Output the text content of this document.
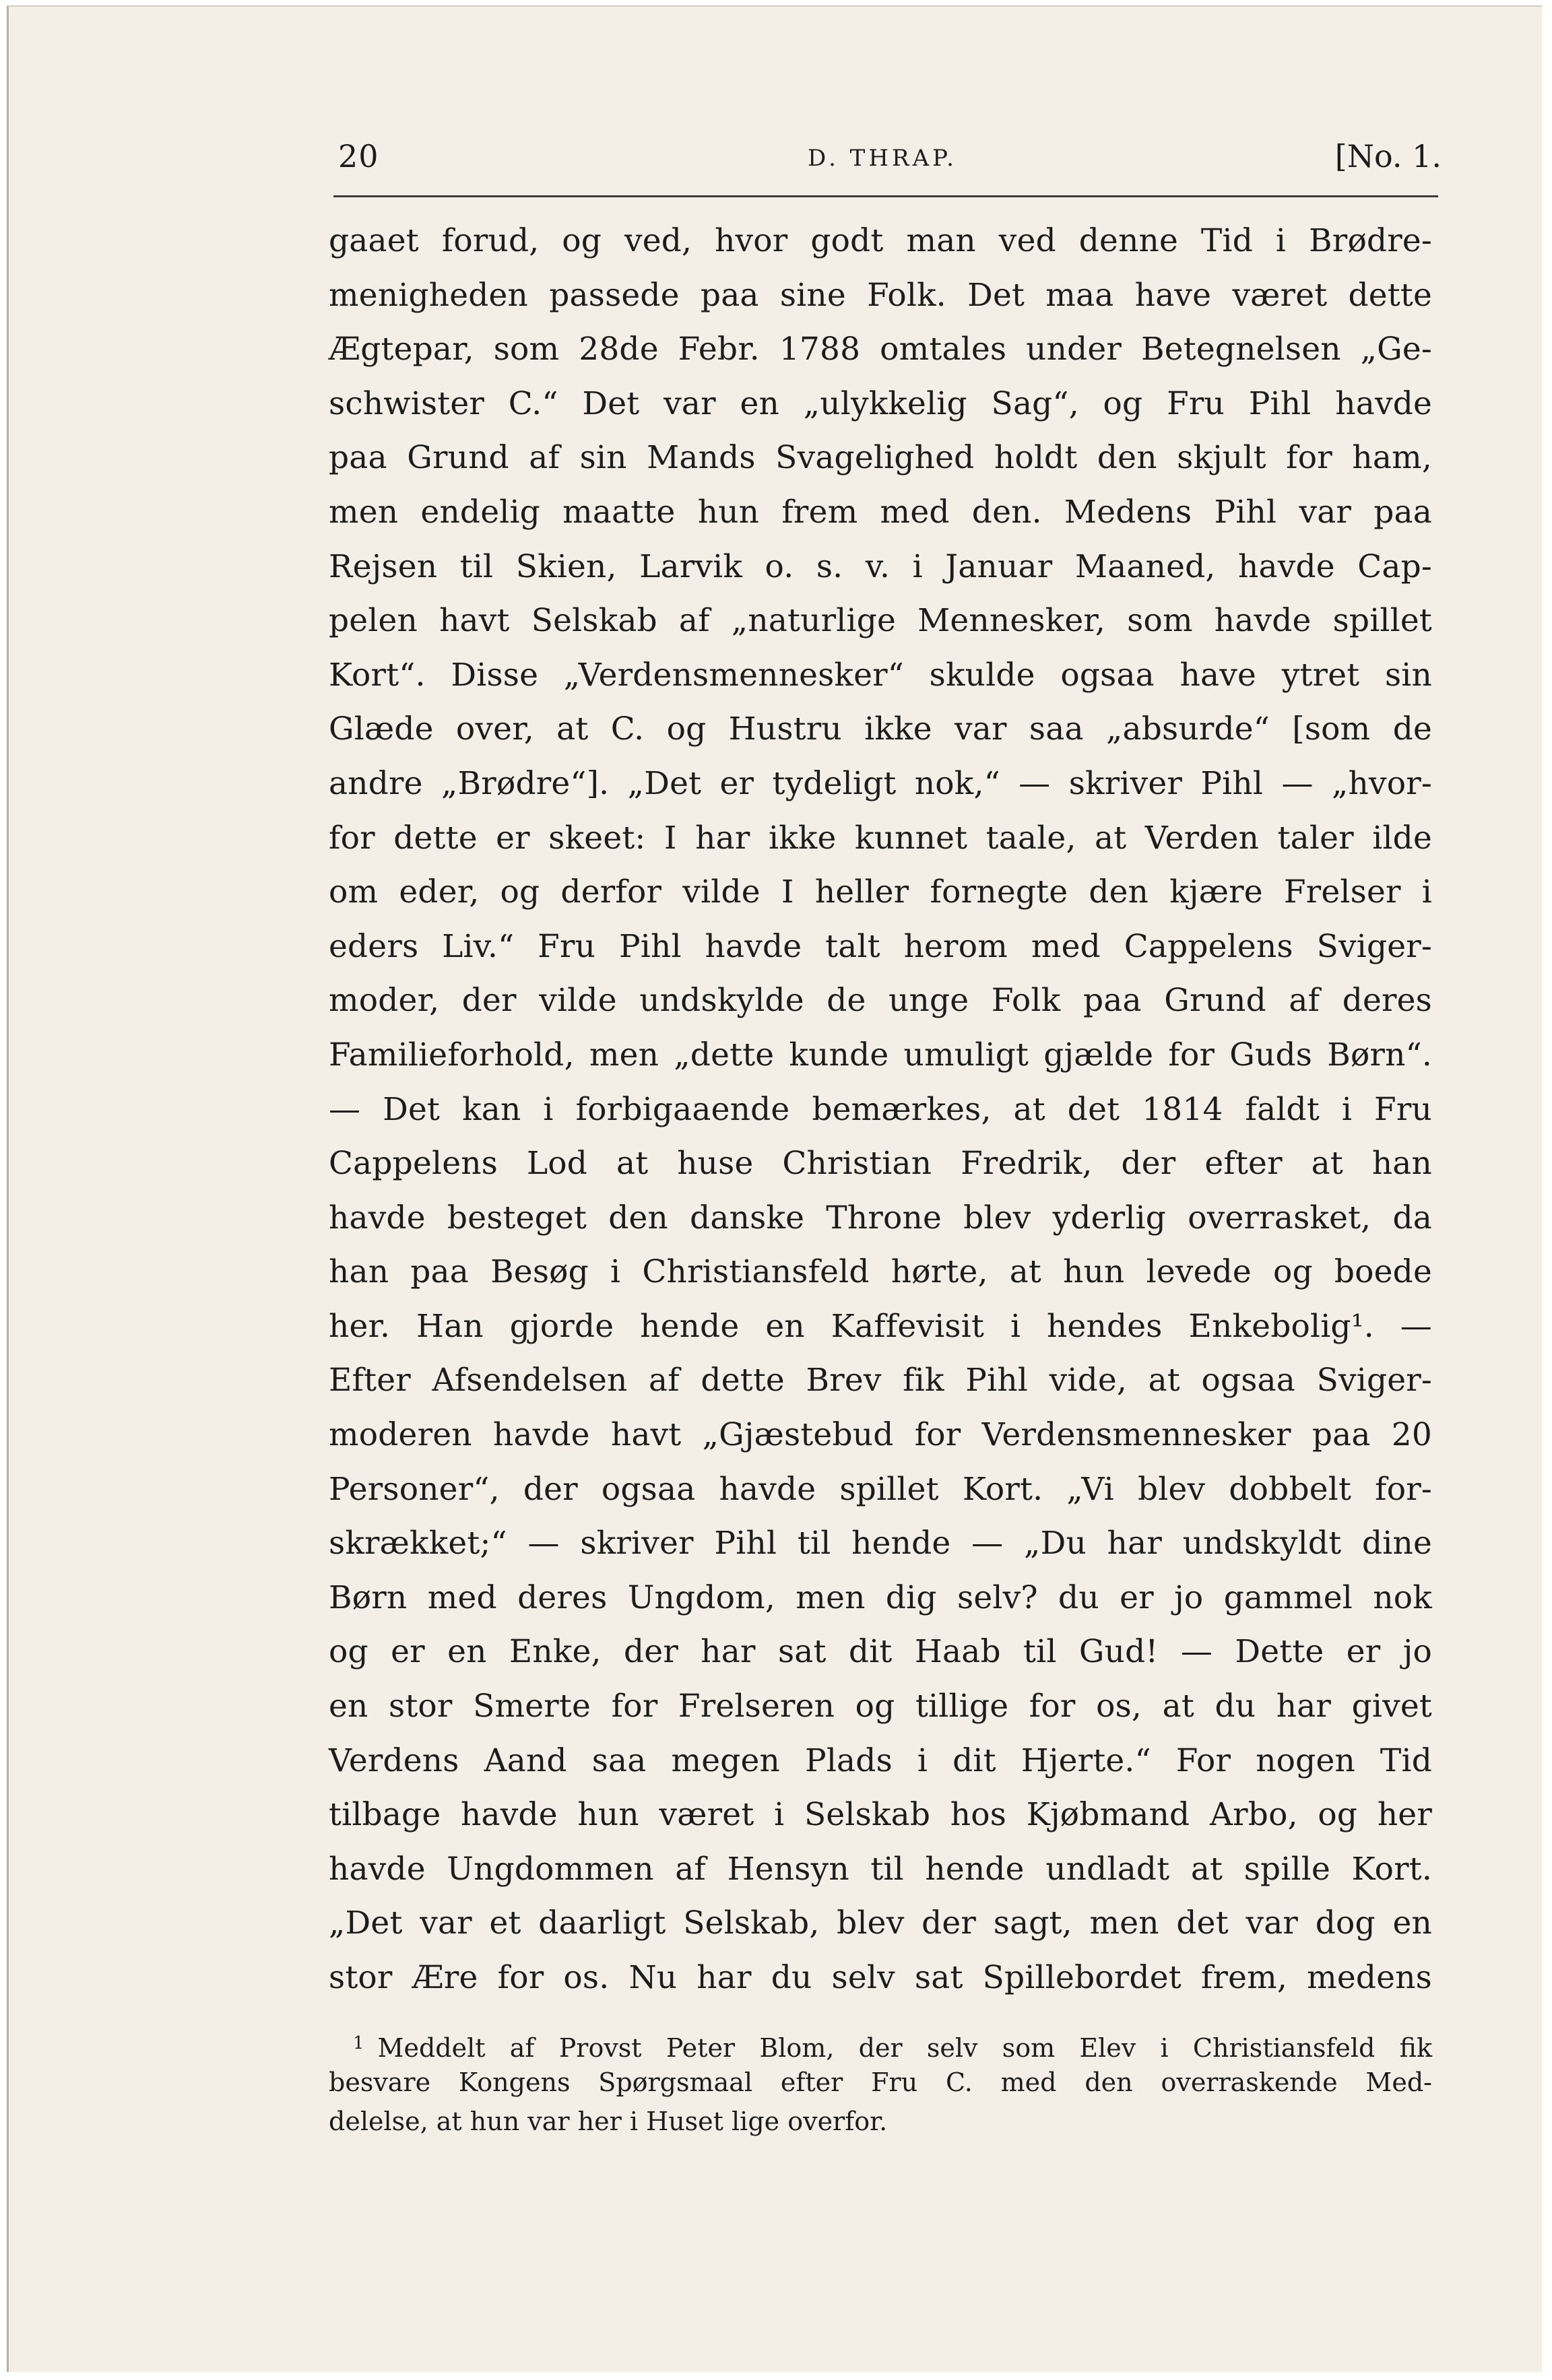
20	D. THRAP.	[No. 1.
gaaet forud, og ved, hvor godt man ved denne Tid i Brødre-
menigheden passede paa sine Folk. Det maa have været dette
Ægtepar, som 28de Febr. 1788 omtales under Betegnelsen „Ge-
schwister C.“ Det var en „ulykkelig Sag“, og Fru Pihl havde
paa Grund af sin Mands Svagelighed holdt den skjult for ham,
men endelig maatte hun frem med den. Medens Pihl var paa
Rejsen til Skien, Larvik o. s. v. i Januar Maaned, havde Cap-
pelen havt Selskab af „naturlige Mennesker, som havde spillet
Kort“. Disse „Verdensmennesker“ skulde ogsaa have ytret sin
Glæde over, at C. og Hustru ikke var saa „absurde“ [som de
andre „Brødre“]. „Det er tydeligt nok,“ — skriver Pihl — „hvor-
for dette er skeet: I har ikke kunnet taale, at Verden taler ilde
om eder, og derfor vilde I heller fornegte den kjære Frelser i
eders Liv.“ Fru Pihl havde talt herom med Cappelens Sviger-
moder, der vilde undskylde de unge Folk paa Grund af deres
Familieforhold, men „dette kunde umuligt gjælde for Guds Børn“.
— Det kan i forbigaaende bemærkes, at det 1814 faldt i Fru
Cappelens Lod at huse Christian Fredrik, der efter at han
havde besteget den danske Throne blev yderlig overrasket, da
han paa Besøg i Christiansfeld hørte, at hun levede og boede
her. Han gjorde hende en Kaffevisit i hendes Enkebolig¹. —
Efter Afsendelsen af dette Brev fik Pihl vide, at ogsaa Sviger-
moderen havde havt „Gjæstebud for Verdensmennesker paa 20
Personer“, der ogsaa havde spillet Kort. „Vi blev dobbelt for-
skrækket;“ — skriver Pihl til hende — „Du har undskyldt dine
Børn med deres Ungdom, men dig selv? du er jo gammel nok
og er en Enke, der har sat dit Haab til Gud! — Dette er jo
en stor Smerte for Frelseren og tillige for os, at du har givet
Verdens Aand saa megen Plads i dit Hjerte.“ For nogen Tid
tilbage havde hun været i Selskab hos Kjøbmand Arbo, og her
havde Ungdommen af Hensyn til hende undladt at spille Kort.
„Det var et daarligt Selskab, blev der sagt, men det var dog en
stor Ære for os. Nu har du selv sat Spillebordet frem, medens
$^1$ Meddelt af Provst Peter Blom, der selv som Elev i Christiansfeld fik
besvare Kongens Spørgsmaal efter Fru C. med den overraskende Med-
delelse, at hun var her i Huset lige overfor.
